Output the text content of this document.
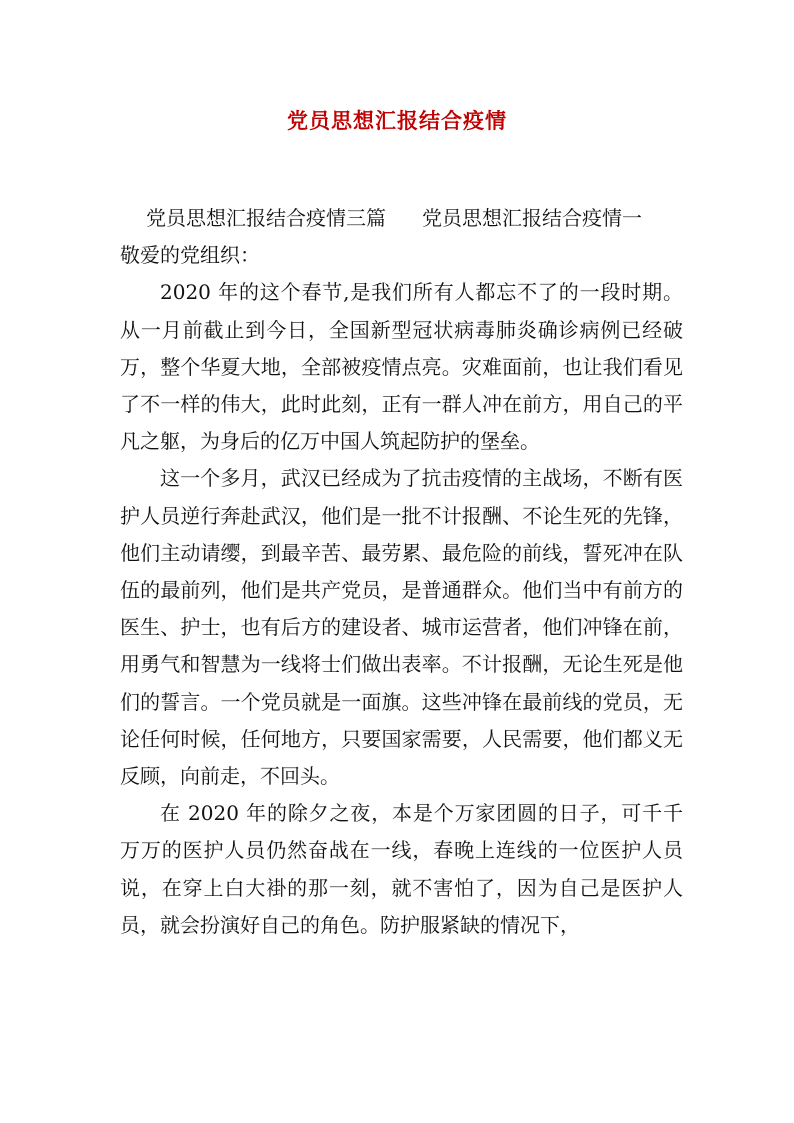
党员思想汇报结合疫情

党员思想汇报结合疫情三篇 党员思想汇报结合疫情一

敬爱的党组织：

2020 年的这个春节,是我们所有人都忘不了的一段时期。从一月前截止到今日，全国新型冠状病毒肺炎确诊病例已经破万，整个华夏大地，全部被疫情点亮。灾难面前，也让我们看见了不一样的伟大，此时此刻，正有一群人冲在前方，用自己的平凡之躯，为身后的亿万中国人筑起防护的堡垒。

这一个多月，武汉已经成为了抗击疫情的主战场，不断有医护人员逆行奔赴武汉，他们是一批不计报酬、不论生死的先锋，他们主动请缨，到最辛苦、最劳累、最危险的前线，誓死冲在队伍的最前列，他们是共产党员，是普通群众。他们当中有前方的医生、护士，也有后方的建设者、城市运营者，他们冲锋在前，用勇气和智慧为一线将士们做出表率。不计报酬，无论生死是他们的誓言。一个党员就是一面旗。这些冲锋在最前线的党员，无论任何时候，任何地方，只要国家需要，人民需要，他们都义无反顾，向前走，不回头。

在 2020 年的除夕之夜，本是个万家团圆的日子，可千千万万的医护人员仍然奋战在一线，春晚上连线的一位医护人员说，在穿上白大褂的那一刻，就不害怕了，因为自己是医护人员，就会扮演好自己的角色。防护服紧缺的情况下，
